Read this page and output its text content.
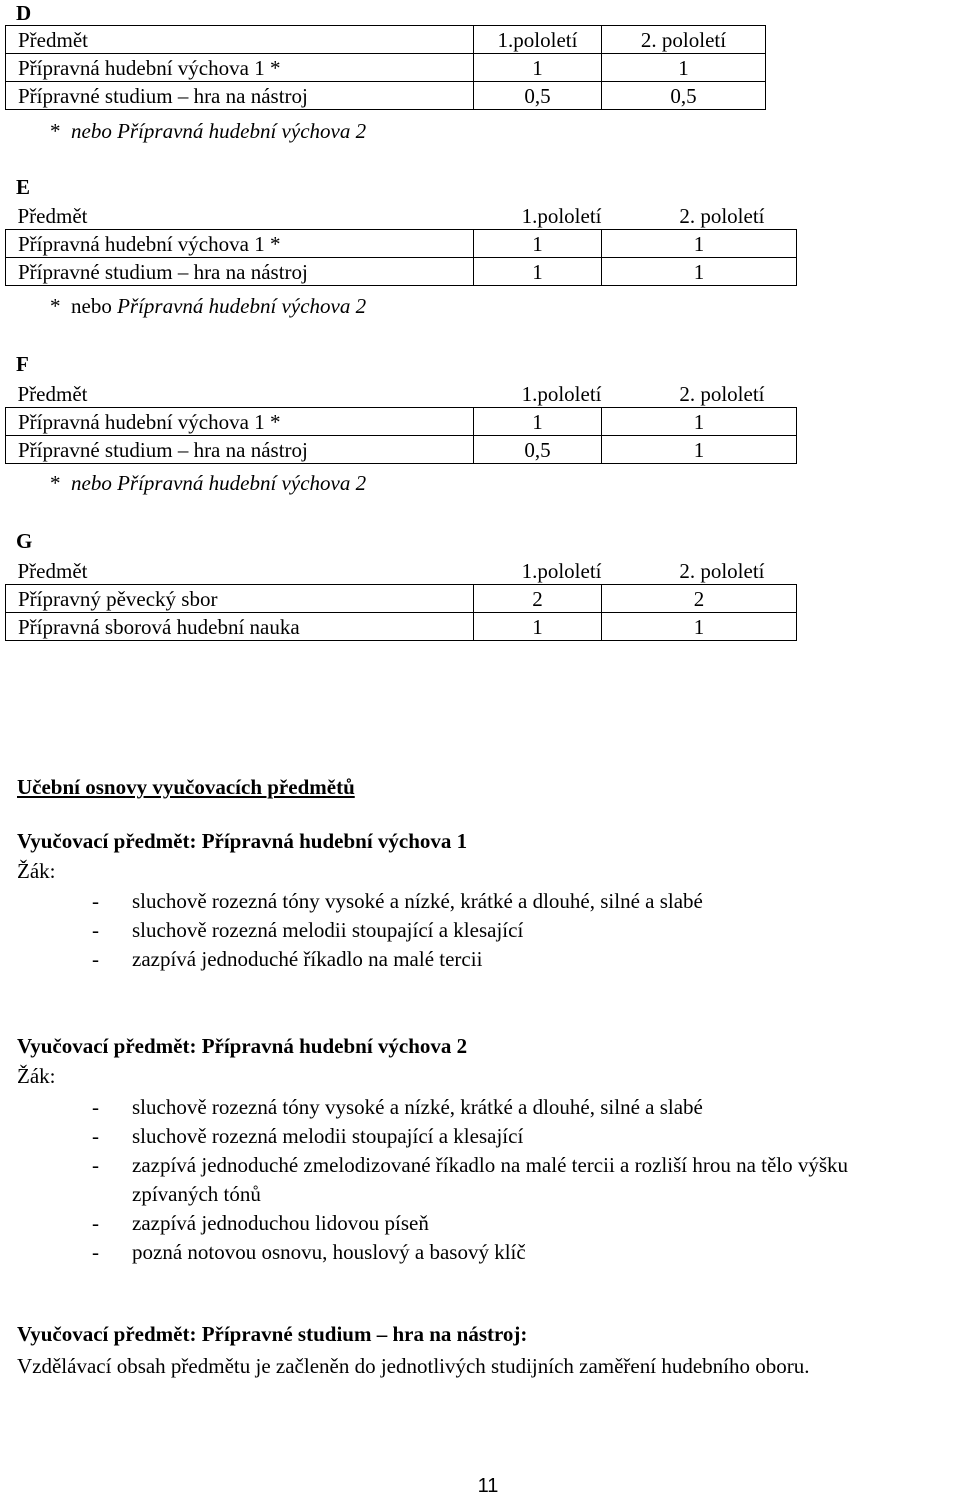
D
Předmět	1.pololetí	2. pololetí
Přípravná hudební výchova 1 *	1	1
Přípravné studium – hra na nástroj	0,5	0,5
* nebo Přípravná hudební výchova 2
E
Předmět	1.pololetí	2. pololetí
Přípravná hudební výchova 1 *	1	1
Přípravné studium – hra na nástroj	1	1
* nebo Přípravná hudební výchova 2
F
Předmět	1.pololetí	2. pololetí
Přípravná hudební výchova 1 *	1	1
Přípravné studium – hra na nástroj	0,5	1
* nebo Přípravná hudební výchova 2
G
Předmět	1.pololetí	2. pololetí
Přípravný pěvecký sbor	2	2
Přípravná sborová hudební nauka	1	1
Učební osnovy vyučovacích předmětů
Vyučovací předmět: Přípravná hudební výchova 1
Žák:
- sluchově rozezná tóny vysoké a nízké, krátké a dlouhé, silné a slabé
- sluchově rozezná melodii stoupající a klesající
- zazpívá jednoduché říkadlo na malé tercii
Vyučovací předmět: Přípravná hudební výchova 2
Žák:
- sluchově rozezná tóny vysoké a nízké, krátké a dlouhé, silné a slabé
- sluchově rozezná melodii stoupající a klesající
- zazpívá jednoduché zmelodizované říkadlo na malé tercii a rozliší hrou na tělo výšku zpívaných tónů
- zazpívá jednoduchou lidovou píseň
- pozná notovou osnovu, houslový a basový klíč
Vyučovací předmět: Přípravné studium – hra na nástroj:
Vzdělávací obsah předmětu je začleněn do jednotlivých studijních zaměření hudebního oboru.
11
